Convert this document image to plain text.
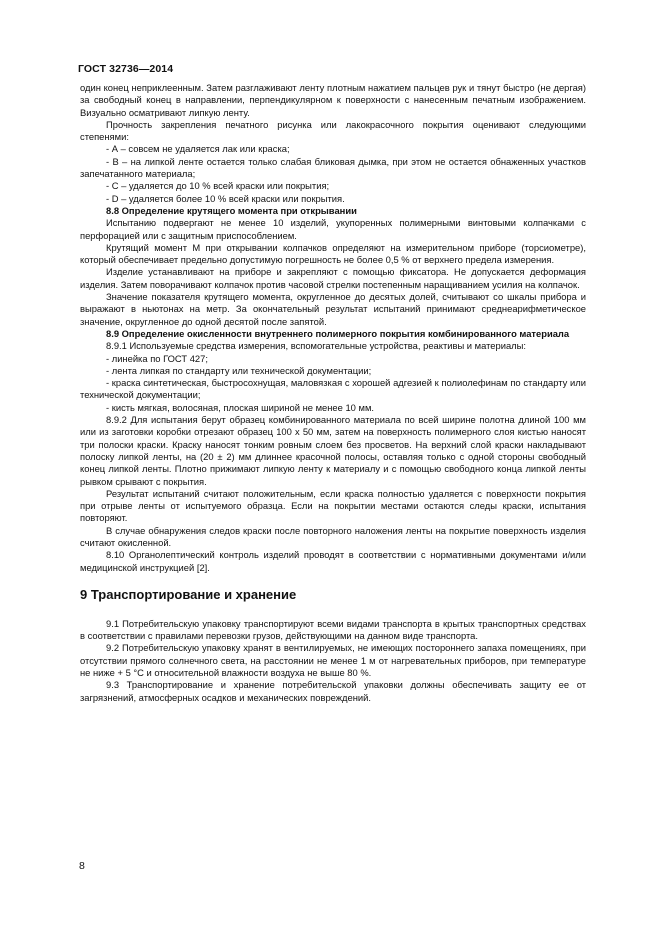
ГОСТ 32736—2014

один конец неприклеенным. Затем разглаживают ленту плотным нажатием пальцев рук и тянут быстро (не дергая) за свободный конец в направлении, перпендикулярном к поверхности с нанесенным печатным изображением. Визуально осматривают липкую ленту.

Прочность закрепления печатного рисунка или лакокрасочного покрытия оценивают следующими степенями:

- А – совсем не удаляется лак или краска;

- В – на липкой ленте остается только слабая бликовая дымка, при этом не остается обнаженных участков запечатанного материала;

- С – удаляется до 10 % всей краски или покрытия;

- D – удаляется более 10 % всей краски или покрытия.

8.8 Определение крутящего момента при открывании

Испытанию подвергают не менее 10 изделий, укупоренных полимерными винтовыми колпачками с перфорацией или с защитным приспособлением.

Крутящий момент М при открывании колпачков определяют на измерительном приборе (торсиометре), который обеспечивает предельно допустимую погрешность не более 0,5 % от верхнего предела измерения.

Изделие устанавливают на приборе и закрепляют с помощью фиксатора. Не допускается деформация изделия. Затем поворачивают колпачок против часовой стрелки постепенным наращиванием усилия на колпачок.

Значение показателя крутящего момента, округленное до десятых долей, считывают со шкалы прибора и выражают в ньютонах на метр. За окончательный результат испытаний принимают среднеарифметическое значение, округленное до одной десятой после запятой.

8.9 Определение окисленности внутреннего полимерного покрытия комбинированного материала

8.9.1 Используемые средства измерения, вспомогательные устройства, реактивы и материалы:

- линейка по ГОСТ 427;

- лента липкая по стандарту или технической документации;

- краска синтетическая, быстросохнущая, маловязкая с хорошей адгезией к полиолефинам по стандарту или технической документации;

- кисть мягкая, волосяная, плоская шириной не менее 10 мм.

8.9.2 Для испытания берут образец комбинированного материала по всей ширине полотна длиной 100 мм или из заготовки коробки отрезают образец 100 х 50 мм, затем на поверхность полимерного слоя кистью наносят три полоски краски. Краску наносят тонким ровным слоем без просветов. На верхний слой краски накладывают полоску липкой ленты, на (20 ± 2) мм длиннее красочной полосы, оставляя только с одной стороны свободный конец липкой ленты. Плотно прижимают липкую ленту к материалу и с помощью свободного конца липкой ленты рывком срывают с покрытия.

Результат испытаний считают положительным, если краска полностью удаляется с поверхности покрытия при отрыве ленты от испытуемого образца. Если на покрытии местами остаются следы краски, испытания повторяют.

В случае обнаружения следов краски после повторного наложения ленты на покрытие поверхность изделия считают окисленной.

8.10 Органолептический контроль изделий проводят в соответствии с нормативными документами и/или медицинской инструкцией [2].

9 Транспортирование и хранение

9.1 Потребительскую упаковку транспортируют всеми видами транспорта в крытых транспортных средствах в соответствии с правилами перевозки грузов, действующими на данном виде транспорта.

9.2 Потребительскую упаковку хранят в вентилируемых, не имеющих постороннего запаха помещениях, при отсутствии прямого солнечного света, на расстоянии не менее 1 м от нагревательных приборов, при температуре не ниже + 5 °С и относительной влажности воздуха не выше 80 %.

9.3 Транспортирование и хранение потребительской упаковки должны обеспечивать защиту ее от загрязнений, атмосферных осадков и механических повреждений.

8
